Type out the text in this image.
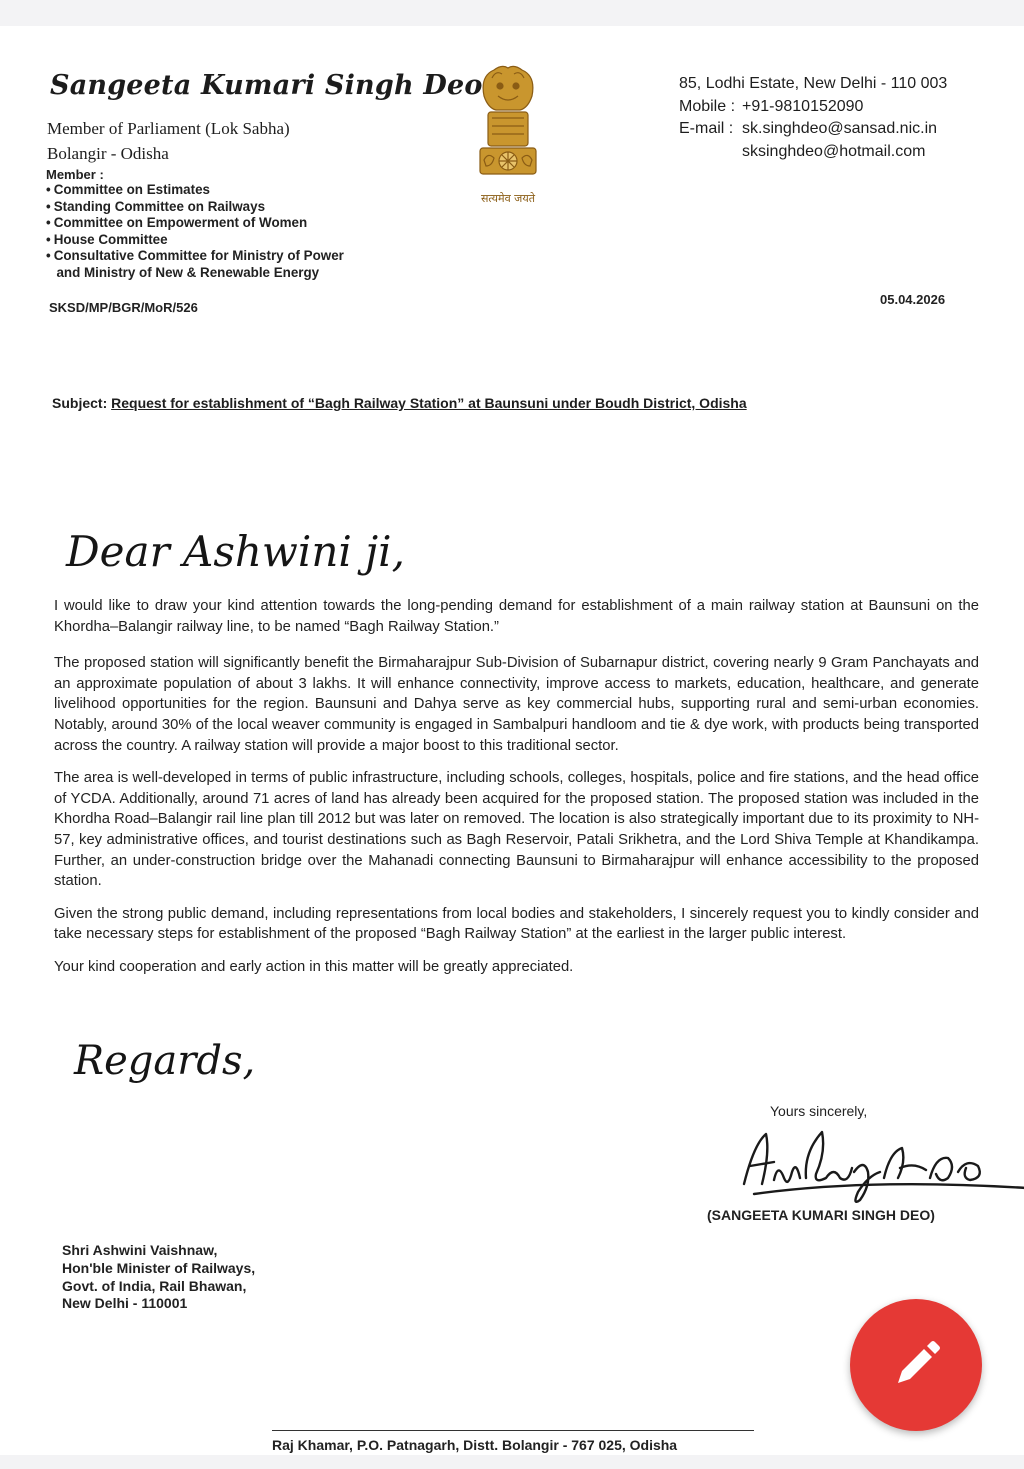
Sangeeta Kumari Singh Deo

Member of Parliament (Lok Sabha)

Bolangir - Odisha

Member :

• Committee on Estimates
• Standing Committee on Railways
• Committee on Empowerment of Women
• House Committee
• Consultative Committee for Ministry of Power
and Ministry of New & Renewable Energy
सत्यमेव जयते
85, Lodhi Estate, New Delhi - 110 003
Mobile : +91-9810152090
E-mail : sk.singhdeo@sansad.nic.in
sksinghdeo@hotmail.com
SKSD/MP/BGR/MoR/526
05.04.2026
Subject: Request for establishment of “Bagh Railway Station” at Baunsuni under Boudh District, Odisha
Dear Ashwini ji,

I would like to draw your kind attention towards the long-pending demand for establishment of a main railway station at Baunsuni on the Khordha–Balangir railway line, to be named “Bagh Railway Station.”

The proposed station will significantly benefit the Birmaharajpur Sub-Division of Subarnapur district, covering nearly 9 Gram Panchayats and an approximate population of about 3 lakhs. It will enhance connectivity, improve access to markets, education, healthcare, and generate livelihood opportunities for the region. Baunsuni and Dahya serve as key commercial hubs, supporting rural and semi-urban economies. Notably, around 30% of the local weaver community is engaged in Sambalpuri handloom and tie & dye work, with products being transported across the country. A railway station will provide a major boost to this traditional sector.

The area is well-developed in terms of public infrastructure, including schools, colleges, hospitals, police and fire stations, and the head office of YCDA. Additionally, around 71 acres of land has already been acquired for the proposed station. The proposed station was included in the Khordha Road–Balangir rail line plan till 2012 but was later on removed. The location is also strategically important due to its proximity to NH-57, key administrative offices, and tourist destinations such as Bagh Reservoir, Patali Srikhetra, and the Lord Shiva Temple at Khandikampa. Further, an under-construction bridge over the Mahanadi connecting Baunsuni to Birmaharajpur will enhance accessibility to the proposed station.

Given the strong public demand, including representations from local bodies and stakeholders, I sincerely request you to kindly consider and take necessary steps for establishment of the proposed “Bagh Railway Station” at the earliest in the larger public interest.

Your kind cooperation and early action in this matter will be greatly appreciated.

Regards,
Yours sincerely,
(SANGEETA KUMARI SINGH DEO)
Shri Ashwini Vaishnaw,
Hon'ble Minister of Railways,
Govt. of India, Rail Bhawan,
New Delhi - 110001
Raj Khamar, P.O. Patnagarh, Distt. Bolangir - 767 025, Odisha
